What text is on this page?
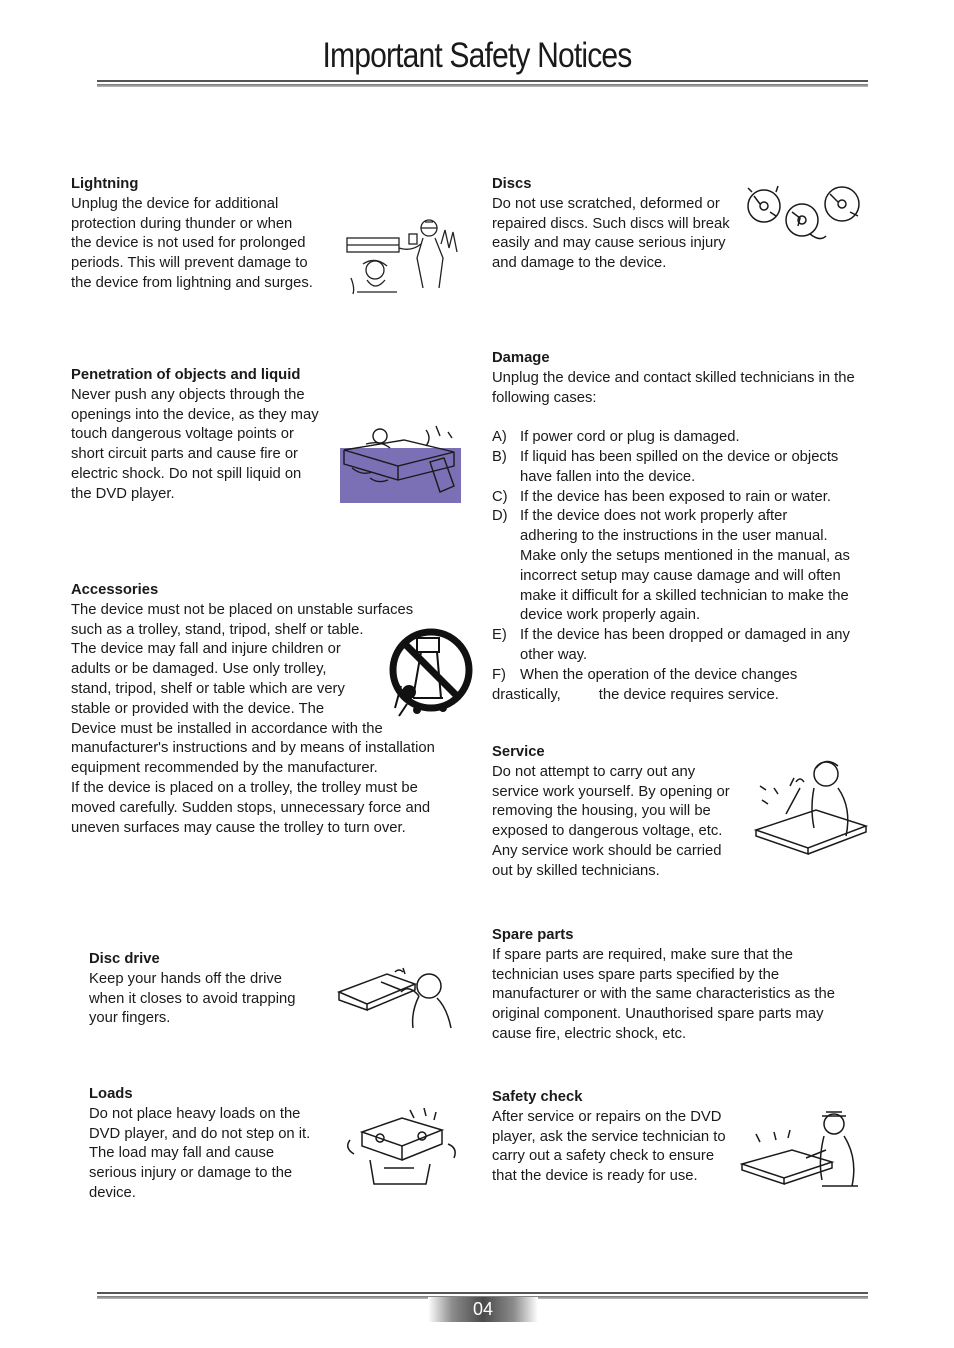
Important Safety Notices
Lightning

Unplug the device for additional
protection during thunder or when
the device is not used for prolonged
periods. This will prevent damage to
the device from lightning and surges.

Penetration of objects and liquid

Never push any objects through the
openings into the device, as they may
touch dangerous voltage points or
short circuit parts and cause fire or
electric shock. Do not spill liquid on
the DVD player.

Accessories

The device must not be placed on unstable surfaces
such as a trolley, stand, tripod, shelf or table.
The device may fall and injure children or
adults or be damaged. Use only trolley,
stand, tripod, shelf or table which are very
stable or provided with the device. The
Device must be installed in accordance with the
manufacturer's instructions and by means of installation
equipment recommended by the manufacturer.
If the device is placed on a trolley, the trolley must be
moved carefully. Sudden stops, unnecessary force and
uneven surfaces may cause the trolley to turn over.

Disc drive

Keep your hands off the drive
when it closes to avoid trapping
your fingers.

Loads

Do not place heavy loads on the
DVD player, and do not step on it.
The load may fall and cause
serious injury or damage to the
device.

Discs

Do not use scratched, deformed or
repaired discs. Such discs will break
easily and may cause serious injury
and damage to the device.

Damage

Unplug the device and contact skilled technicians in the
following cases:

A) If power cord or plug is damaged.
B) If liquid has been spilled on the device or objects
have fallen into the device.
C) If the device has been exposed to rain or water.
D) If the device does not work properly after
adhering to the instructions in the user manual.
Make only the setups mentioned in the manual, as
incorrect setup may cause damage and will often
make it difficult for a skilled technician to make the
device work properly again.
E) If the device has been dropped or damaged in any
other way.
F) When the operation of the device changes
drastically,	the device requires service.
Service

Do not attempt to carry out any
service work yourself. By opening or
removing the housing, you will be
exposed to dangerous voltage, etc.
Any service work should be carried
out by skilled technicians.

Spare parts

If spare parts are required, make sure that the
technician uses spare parts specified by the
manufacturer or with the same characteristics as the
original component. Unauthorised spare parts may
cause fire, electric shock, etc.

Safety check

After service or repairs on the DVD
player, ask the service technician to
carry out a safety check to ensure
that the device is ready for use.

04
